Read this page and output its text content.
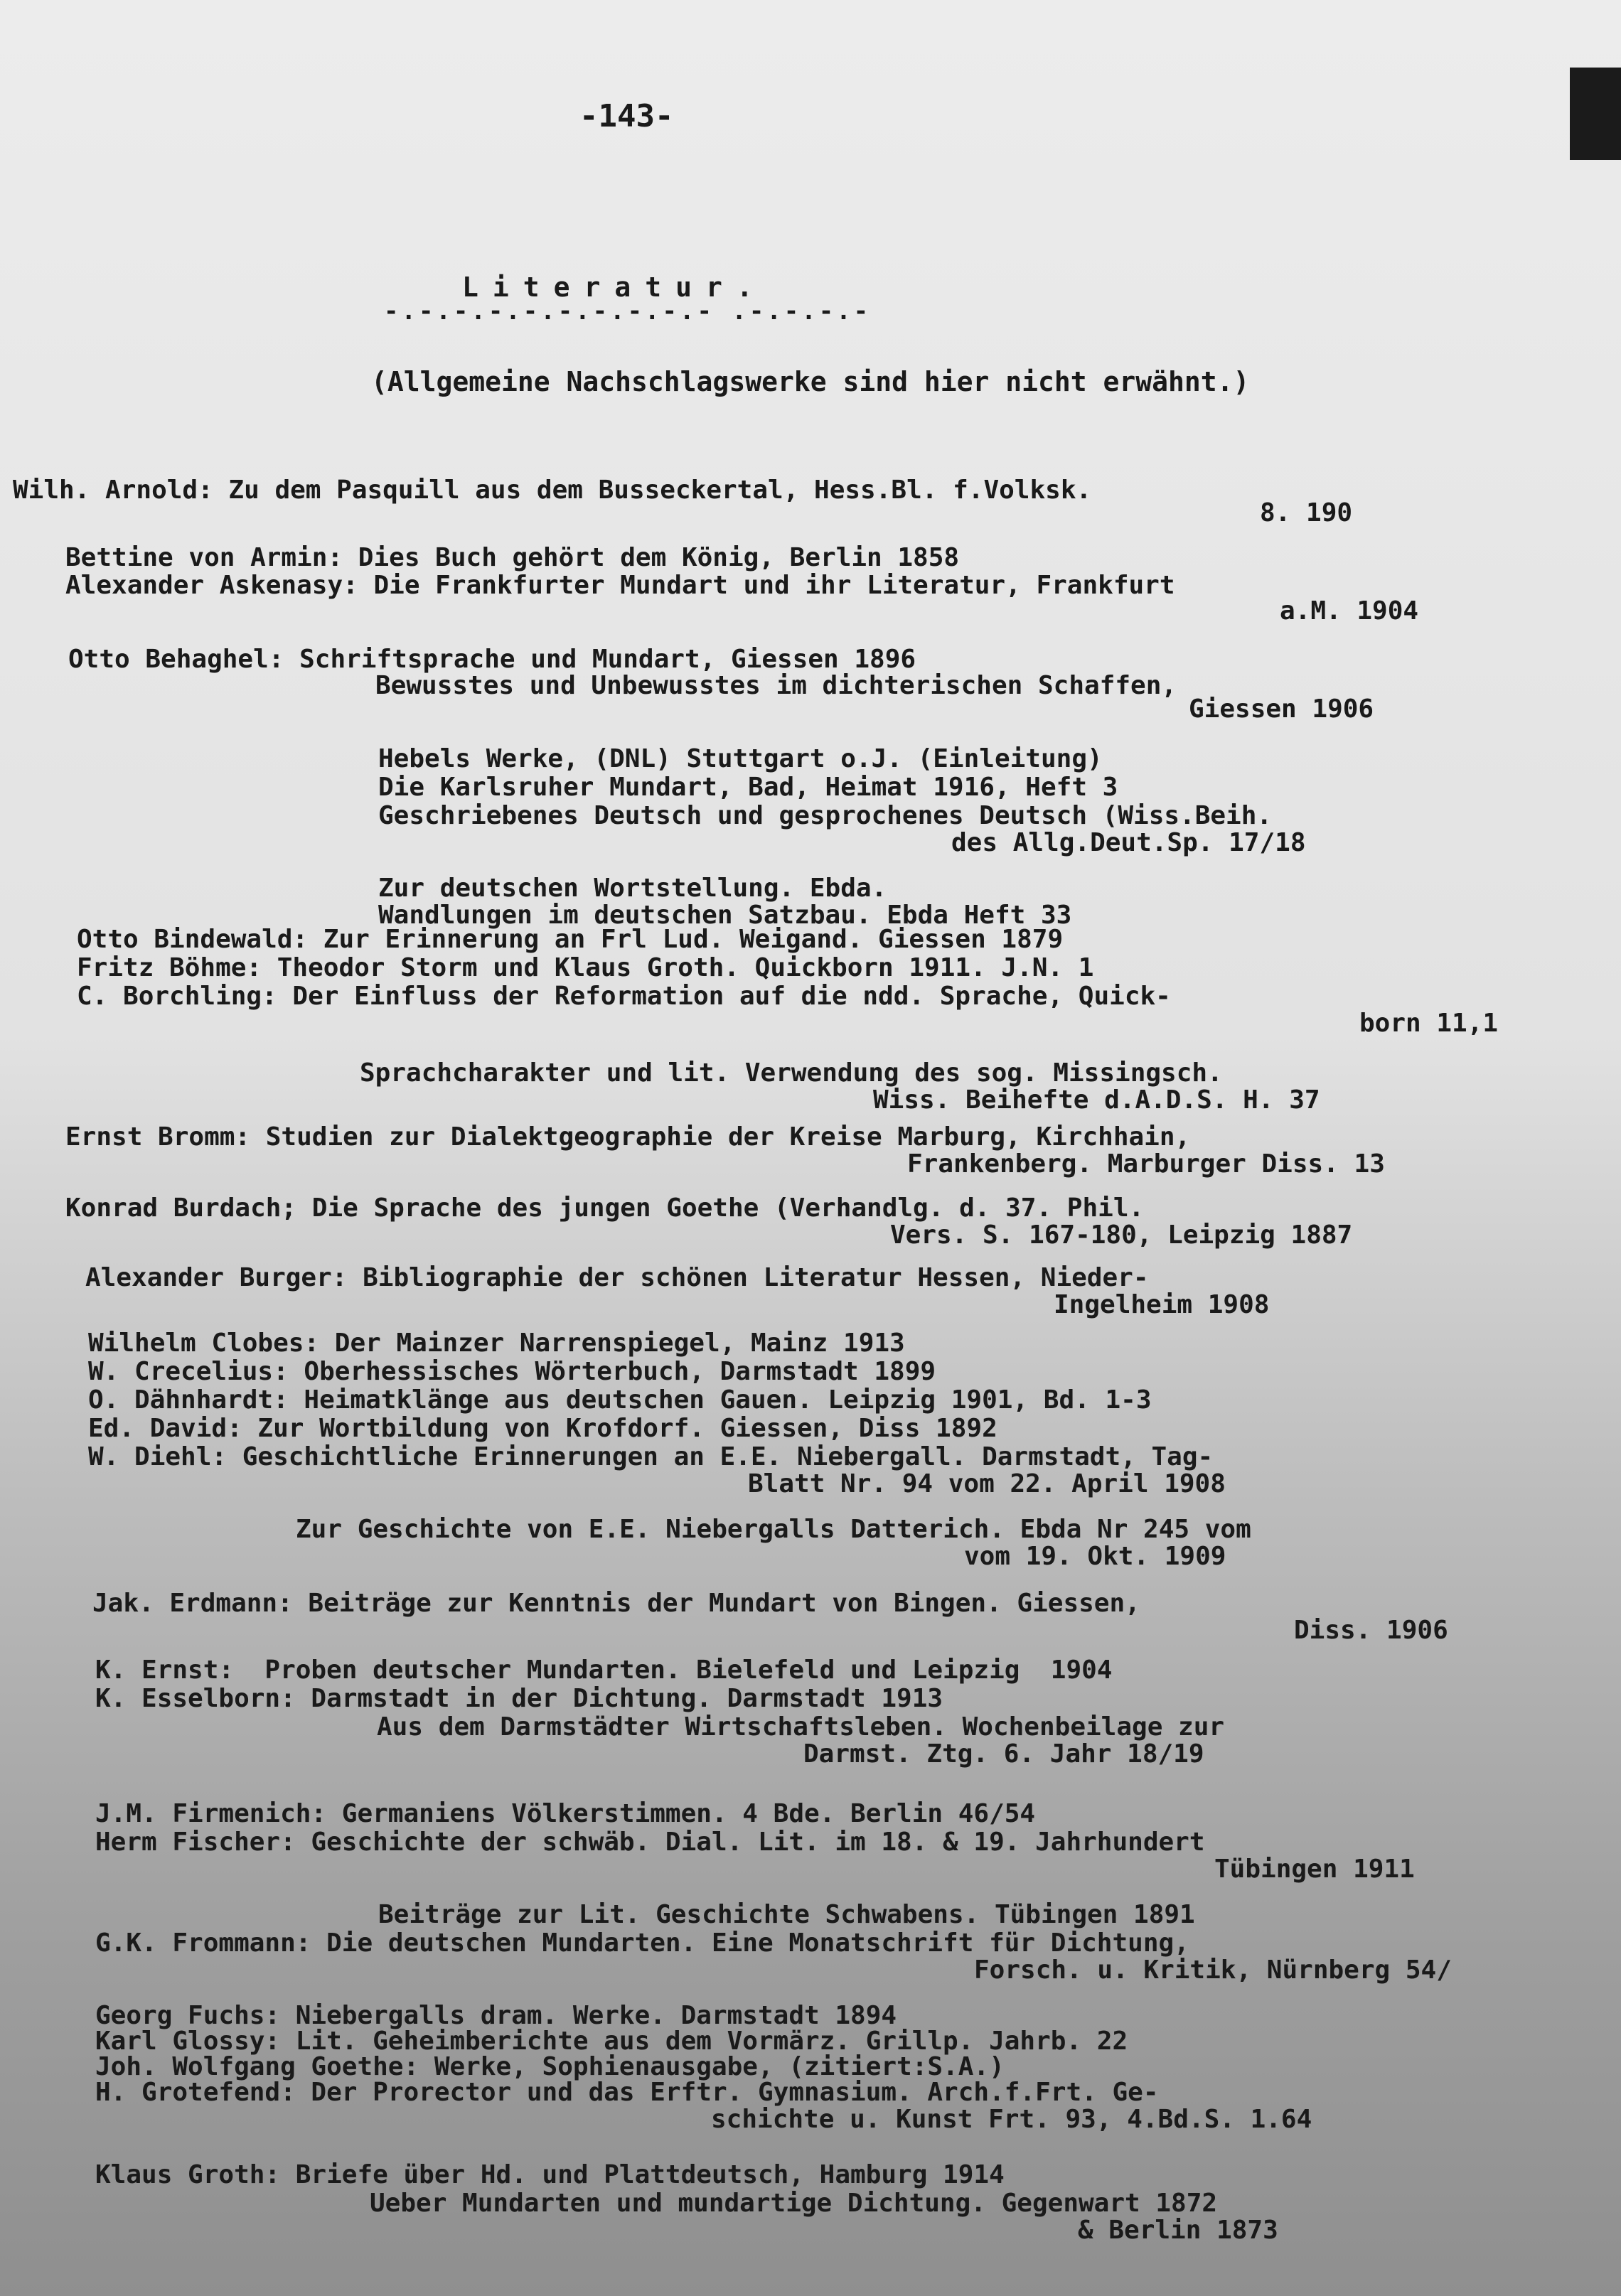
-143-
Literatur.
-.-.-.-.-.-.-.-.-.- .-.-.-.-
(Allgemeine Nachschlagswerke sind hier nicht erwähnt.)
Wilh. Arnold: Zu dem Pasquill aus dem Busseckertal, Hess.Bl. f.Volksk.
8. 190
Bettine von Armin: Dies Buch gehört dem König, Berlin 1858
Alexander Askenasy: Die Frankfurter Mundart und ihr Literatur, Frankfurt
a.M. 1904
Otto Behaghel: Schriftsprache und Mundart, Giessen 1896
Bewusstes und Unbewusstes im dichterischen Schaffen,
Giessen 1906
Hebels Werke, (DNL) Stuttgart o.J. (Einleitung)
Die Karlsruher Mundart, Bad, Heimat 1916, Heft 3
Geschriebenes Deutsch und gesprochenes Deutsch (Wiss.Beih.
des Allg.Deut.Sp. 17/18
Zur deutschen Wortstellung. Ebda.
Wandlungen im deutschen Satzbau. Ebda Heft 33
Otto Bindewald: Zur Erinnerung an Frl Lud. Weigand. Giessen 1879
Fritz Böhme: Theodor Storm und Klaus Groth. Quickborn 1911. J.N. 1
C. Borchling: Der Einfluss der Reformation auf die ndd. Sprache, Quick-
born 11,1
Sprachcharakter und lit. Verwendung des sog. Missingsch.
Wiss. Beihefte d.A.D.S. H. 37
Ernst Bromm: Studien zur Dialektgeographie der Kreise Marburg, Kirchhain,
Frankenberg. Marburger Diss. 13
Konrad Burdach; Die Sprache des jungen Goethe (Verhandlg. d. 37. Phil.
Vers. S. 167-180, Leipzig 1887
Alexander Burger: Bibliographie der schönen Literatur Hessen, Nieder-
Ingelheim 1908
Wilhelm Clobes: Der Mainzer Narrenspiegel, Mainz 1913
W. Crecelius: Oberhessisches Wörterbuch, Darmstadt 1899
O. Dähnhardt: Heimatklänge aus deutschen Gauen. Leipzig 1901, Bd. 1-3
Ed. David: Zur Wortbildung von Krofdorf. Giessen, Diss 1892
W. Diehl: Geschichtliche Erinnerungen an E.E. Niebergall. Darmstadt, Tag-
Blatt Nr. 94 vom 22. April 1908
Zur Geschichte von E.E. Niebergalls Datterich. Ebda Nr 245 vom
vom 19. Okt. 1909
Jak. Erdmann: Beiträge zur Kenntnis der Mundart von Bingen. Giessen,
Diss. 1906
K. Ernst:  Proben deutscher Mundarten. Bielefeld und Leipzig  1904
K. Esselborn: Darmstadt in der Dichtung. Darmstadt 1913
Aus dem Darmstädter Wirtschaftsleben. Wochenbeilage zur
Darmst. Ztg. 6. Jahr 18/19
J.M. Firmenich: Germaniens Völkerstimmen. 4 Bde. Berlin 46/54
Herm Fischer: Geschichte der schwäb. Dial. Lit. im 18. & 19. Jahrhundert
Tübingen 1911
Beiträge zur Lit. Geschichte Schwabens. Tübingen 1891
G.K. Frommann: Die deutschen Mundarten. Eine Monatschrift für Dichtung,
Forsch. u. Kritik, Nürnberg 54/
Georg Fuchs: Niebergalls dram. Werke. Darmstadt 1894
Karl Glossy: Lit. Geheimberichte aus dem Vormärz. Grillp. Jahrb. 22
Joh. Wolfgang Goethe: Werke, Sophienausgabe, (zitiert:S.A.)
H. Grotefend: Der Prorector und das Erftr. Gymnasium. Arch.f.Frt. Ge-
schichte u. Kunst Frt. 93, 4.Bd.S. 1.64
Klaus Groth: Briefe über Hd. und Plattdeutsch, Hamburg 1914
Ueber Mundarten und mundartige Dichtung. Gegenwart 1872
& Berlin 1873
